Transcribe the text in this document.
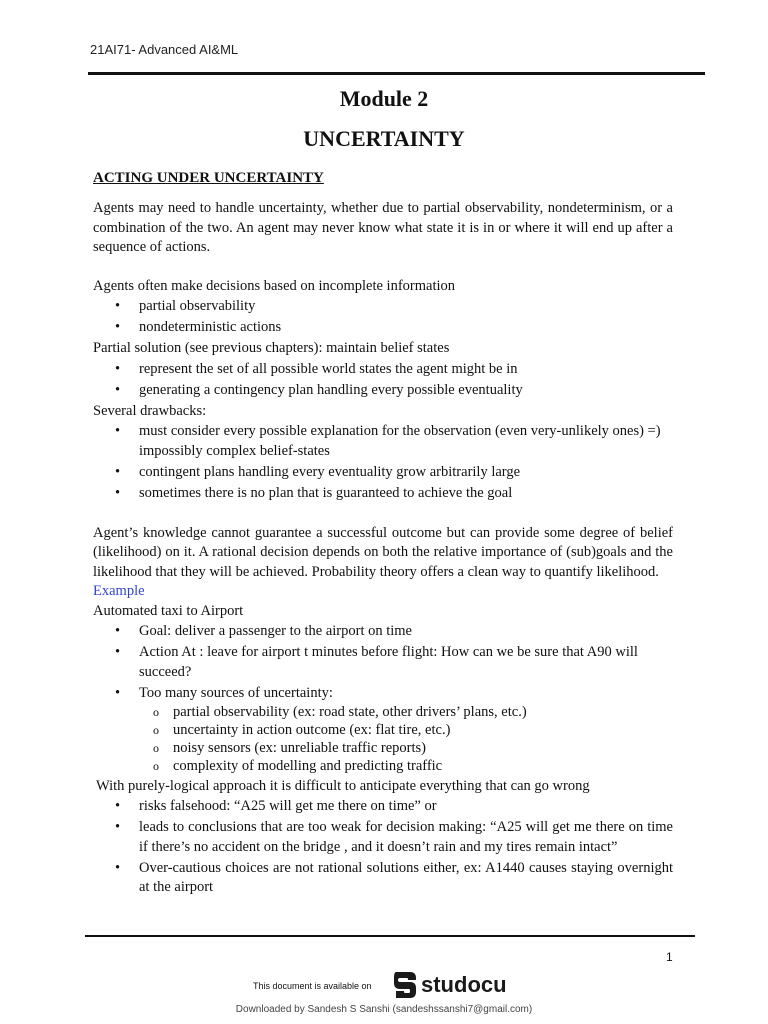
21AI71- Advanced AI&ML
Module 2
UNCERTAINTY
ACTING UNDER UNCERTAINTY

Agents may need to handle uncertainty, whether due to partial observability, nondeterminism, or a combination of the two. An agent may never know what state it is in or where it will end up after a sequence of actions.

Agents often make decisions based on incomplete information

• partial observability
• nondeterministic actions

Partial solution (see previous chapters): maintain belief states

• represent the set of all possible world states the agent might be in
• generating a contingency plan handling every possible eventuality

Several drawbacks:

• must consider every possible explanation for the observation (even very-unlikely ones) =) impossibly complex belief-states
• contingent plans handling every eventuality grow arbitrarily large
• sometimes there is no plan that is guaranteed to achieve the goal

Agent’s knowledge cannot guarantee a successful outcome but can provide some degree of belief (likelihood) on it. A rational decision depends on both the relative importance of (sub)goals and the likelihood that they will be achieved. Probability theory offers a clean way to quantify likelihood.

Example

Automated taxi to Airport

• Goal: deliver a passenger to the airport on time
• Action At : leave for airport t minutes before flight: How can we be sure that A90 will succeed?
• Too many sources of uncertainty:
o partial observability (ex: road state, other drivers’ plans, etc.)
o uncertainty in action outcome (ex: flat tire, etc.)
o noisy sensors (ex: unreliable traffic reports)
o complexity of modelling and predicting traffic

With purely-logical approach it is difficult to anticipate everything that can go wrong

• risks falsehood: “A25 will get me there on time” or
• leads to conclusions that are too weak for decision making: “A25 will get me there on time if there’s no accident on the bridge , and it doesn’t rain and my tires remain intact”
• Over-cautious choices are not rational solutions either, ex: A1440 causes staying overnight at the airport
1
This document is available on studocu
Downloaded by Sandesh S Sanshi (sandeshssanshi7@gmail.com)
